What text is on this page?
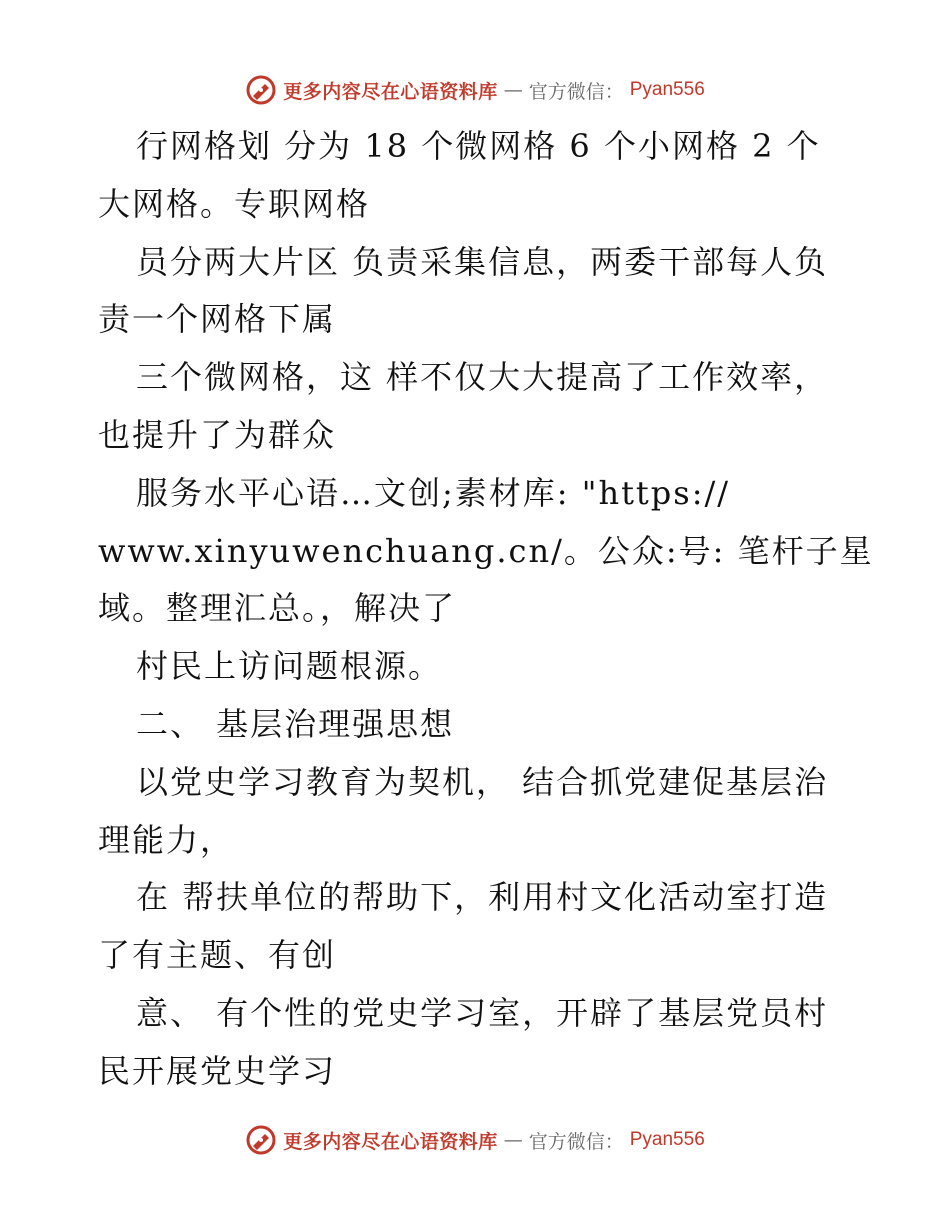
更多内容尽在心语资料库 — 官方微信： Pyan556
行网格划 分为 18 个微网格 6 个小网格 2 个
大网格。专职网格
员分两大片区 负责采集信息，两委干部每人负
责一个网格下属
三个微网格，这 样不仅大大提高了工作效率，
也提升了为群众
服务水平心语…文创;素材库: "https://
www.xinyuwenchuang.cn/。公众:号: 笔杆子星
域。整理汇总。，解决了
村民上访问题根源。
二、 基层治理强思想
以党史学习教育为契机， 结合抓党建促基层治
理能力，
在 帮扶单位的帮助下，利用村文化活动室打造
了有主题、有创
意、 有个性的党史学习室，开辟了基层党员村
民开展党史学习
更多内容尽在心语资料库 — 官方微信： Pyan556
